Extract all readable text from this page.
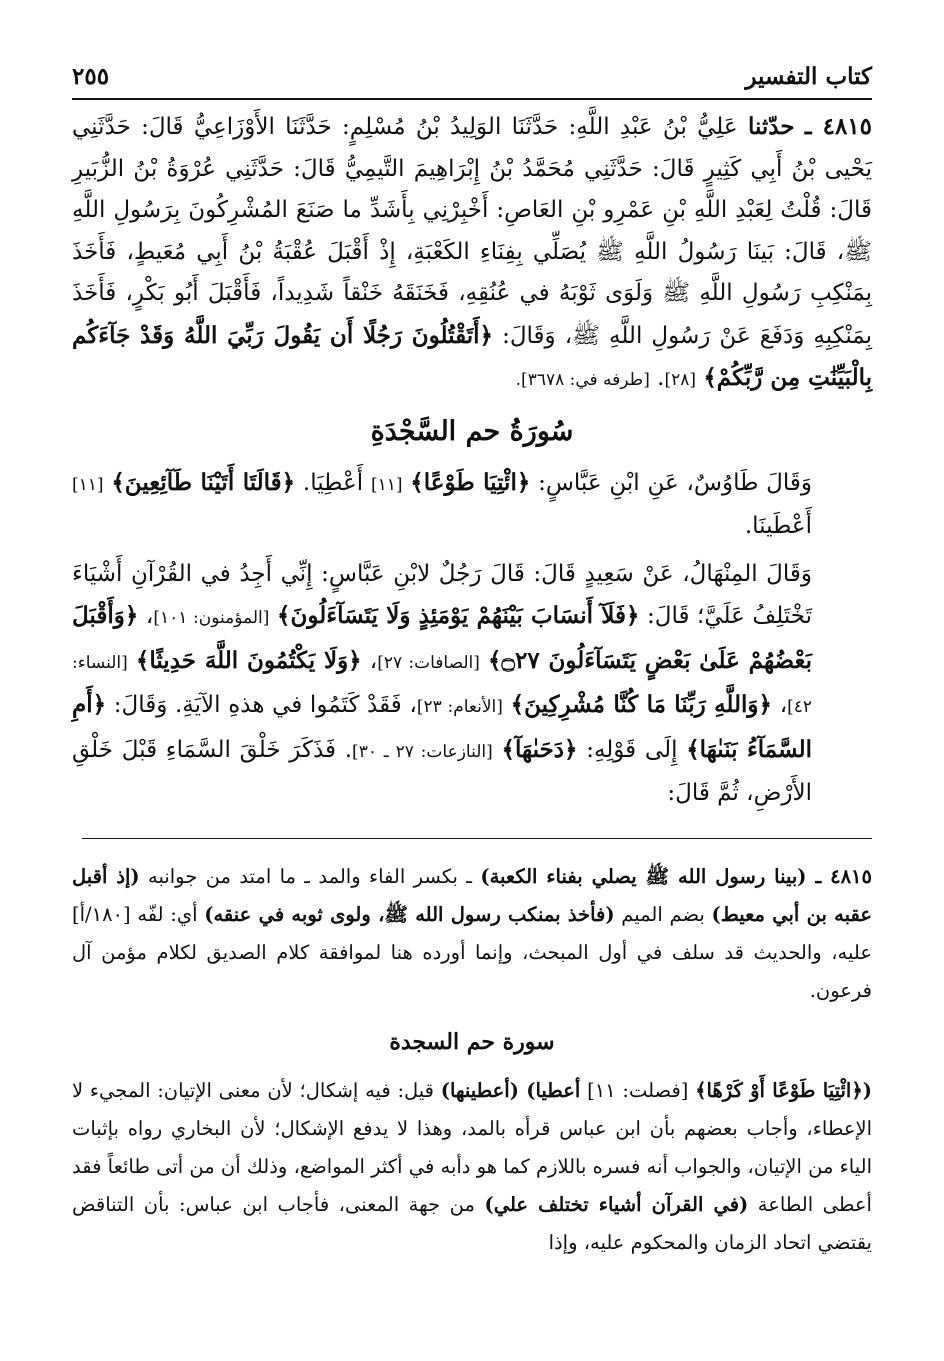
كتاب التفسير
٢٥٥

٤٨١٥ ـ حدّثنا عَلِيُّ بْنُ عَبْدِ اللَّهِ: حَدَّثَنَا الوَلِيدُ بْنُ مُسْلِمٍ: حَدَّثَنَا الأَوْزَاعِيُّ قَالَ: حَدَّثَنِي يَحْيى بْنُ أَبِي كَثِيرٍ قَالَ: حَدَّثَنِي مُحَمَّدُ بْنُ إِبْرَاهِيمَ التَّيمِيُّ قَالَ: حَدَّثَنِي عُرْوَةُ بْنُ الزُّبَيرِ قَالَ: قُلْتُ لِعَبْدِ اللَّهِ بْنِ عَمْرِو بْنِ العَاصِ: أَخْبِرْنِي بِأَشَدِّ ما صَنَعَ المُشْرِكُونَ بِرَسُولِ اللَّهِ ﷺ، قَالَ: بَينَا رَسُولُ اللَّهِ ﷺ يُصَلِّي بِفِنَاءِ الكَعْبَةِ، إِذْ أَقْبَلَ عُقْبَةُ بْنُ أَبِي مُعَيطٍ، فَأَخَذَ بِمَنْكِبِ رَسُولِ اللَّهِ ﷺ وَلَوَى ثَوْبَهُ في عُنُقِهِ، فَخَنَقَهُ خَنْقاً شَدِيداً، فَأَقْبَلَ أَبُو بَكْرٍ، فَأَخَذَ بِمَنْكِبِهِ وَدَفَعَ عَنْ رَسُولِ اللَّهِ ﷺ، وَقَالَ: ﴿أَتَقْتُلُونَ رَجُلًا أَن يَقُولَ رَبِّيَ اللَّهُ وَقَدْ جَآءَكُم بِالْبَيِّنَٰتِ مِن رَّبِّكُمْ﴾ [٢٨]. [طرفه في: ٣٦٧٨].

سُورَةُ حم السَّجْدَةِ

وَقَالَ طَاوُسٌ، عَنِ ابْنِ عَبَّاسٍ: ﴿ائْتِيَا طَوْعًا﴾ [١١] أَعْطِيَا. ﴿قَالَتَا أَتَيْنَا طَآئِعِينَ﴾ [١١] أَعْطَينَا.

وَقَالَ المِنْهَالُ، عَنْ سَعِيدٍ قَالَ: قَالَ رَجُلٌ لابْنِ عَبَّاسٍ: إِنِّي أَجِدُ في القُرْآنِ أَشْيَاءَ تَخْتَلِفُ عَلَيَّ؛ قَالَ: ﴿فَلَآ أَنسَابَ بَيْنَهُمْ يَوْمَئِذٍ وَلَا يَتَسَآءَلُونَ﴾ [المؤمنون: ١٠١]، ﴿وَأَقْبَلَ بَعْضُهُمْ عَلَىٰ بَعْضٍ يَتَسَآءَلُونَ ۝٢٧﴾ [الصافات: ٢٧]، ﴿وَلَا يَكْتُمُونَ اللَّهَ حَدِيثًا﴾ [النساء: ٤٢]، ﴿وَاللَّهِ رَبِّنَا مَا كُنَّا مُشْرِكِينَ﴾ [الأنعام: ٢٣]، فَقَدْ كَتَمُوا في هذهِ الآيَةِ. وَقَالَ: ﴿أَمِ السَّمَآءُ بَنَىٰهَا﴾ إِلَى قَوْلِهِ: ﴿دَحَىٰهَآ﴾ [النازعات: ٢٧ ـ ٣٠]. فَذَكَرَ خَلْقَ السَّمَاءِ قَبْلَ خَلْقِ الأَرْضِ، ثُمَّ قَالَ:

٤٨١٥ ـ (بينا رسول الله ﷺ يصلي بفناء الكعبة) ـ بكسر الفاء والمد ـ ما امتد من جوانبه (إذ أقبل عقبه بن أبي معيط) بضم الميم (فأخذ بمنكب رسول الله ﷺ، ولوى ثوبه في عنقه) أي: لفّه [١٨٠/أ] عليه، والحديث قد سلف في أول المبحث، وإنما أورده هنا لموافقة كلام الصديق لكلام مؤمن آل فرعون.

سورة حم السجدة

(﴿ائْتِيَا طَوْعًا أَوْ كَرْهًا﴾ [فصلت: ١١] أعطيا) (أعطينها) قيل: فيه إشكال؛ لأن معنى الإتيان: المجيء لا الإعطاء، وأجاب بعضهم بأن ابن عباس قرأه بالمد، وهذا لا يدفع الإشكال؛ لأن البخاري رواه بإثبات الياء من الإتيان، والجواب أنه فسره باللازم كما هو دأبه في أكثر المواضع، وذلك أن من أتى طائعاً فقد أعطى الطاعة (في القرآن أشياء تختلف علي) من جهة المعنى، فأجاب ابن عباس: بأن التناقض يقتضي اتحاد الزمان والمحكوم عليه، وإذا
